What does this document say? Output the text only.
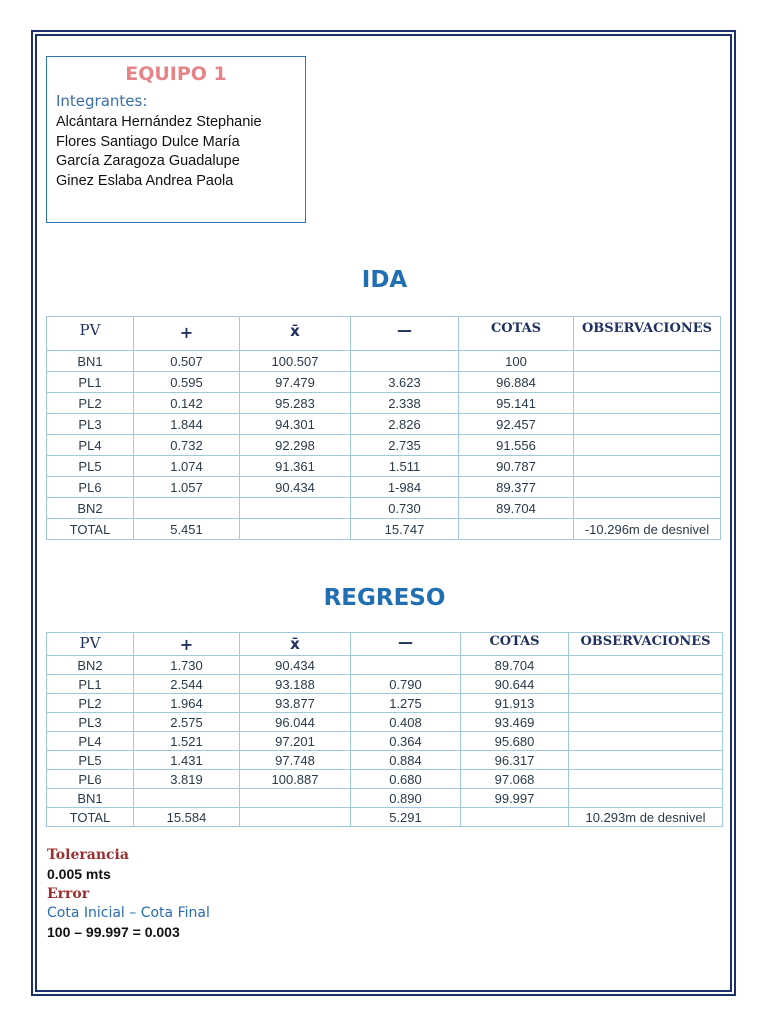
EQUIPO 1
Integrantes:
Alcántara Hernández Stephanie
Flores Santiago Dulce María
García Zaragoza Guadalupe
Ginez Eslaba Andrea Paola
IDA
PV	+	x̄	—	COTAS	OBSERVACIONES

BN1	0.507	100.507		100	
PL1	0.595	97.479	3.623	96.884	
PL2	0.142	95.283	2.338	95.141	
PL3	1.844	94.301	2.826	92.457	
PL4	0.732	92.298	2.735	91.556	
PL5	1.074	91.361	1.511	90.787	
PL6	1.057	90.434	1-984	89.377	
BN2			0.730	89.704	
TOTAL	5.451		15.747		-10.296m de desnivel
REGRESO
PV	+	x̄	—	COTAS	OBSERVACIONES

BN2	1.730	90.434		89.704	
PL1	2.544	93.188	0.790	90.644	
PL2	1.964	93.877	1.275	91.913	
PL3	2.575	96.044	0.408	93.469	
PL4	1.521	97.201	0.364	95.680	
PL5	1.431	97.748	0.884	96.317	
PL6	3.819	100.887	0.680	97.068	
BN1			0.890	99.997	
TOTAL	15.584		5.291		10.293m de desnivel
Tolerancia
0.005 mts
Error
Cota Inicial – Cota Final
100 – 99.997 = 0.003
